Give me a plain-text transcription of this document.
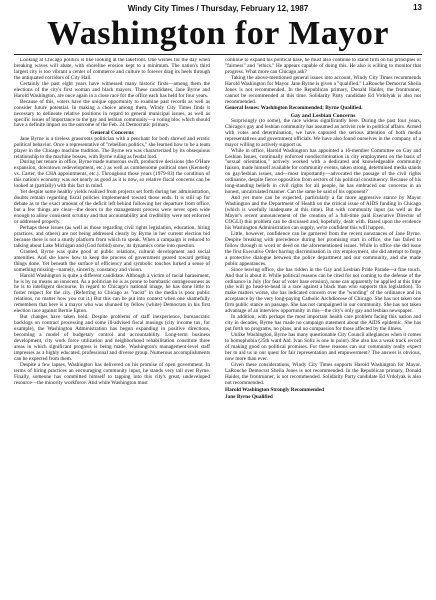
Windy City Times / Thursday, February 12, 1987	13
Washington for Mayor

Looking at Chicago politics is like looking at the lakefront. One wishes for the day when breaking waves will abate, with shoreline erosion kept to a minimum. The nation's third largest city is too vibrant a center of commerce and culture to forever drag its heels through the antiquated corridors of City Hall.

Certainly the past eight years have witnessed many historic firsts—among them the elections of the city's first woman and black mayors. These candidates, Jane Byrne and Harold Washington, are once again in a close race for the office each has held for four years.

Because of this, voters have the unique opportunity to examine past records as well as consider future potential. In making a choice among them, Windy City Times finds it necessary to delineate relative positions in regard to general municipal issues, as well as specific issues of importance to the gay and lesbian community—a voting bloc which should have a definite impact on the outcome of the Feb. 24 Democratic primary.

General Concerns

Jane Byrne is a tireless grassroots politician with a penchant for both shrewd and erratic political behavior. Once a representative of "rebellion politics," she learned how to be a team player in the Chicago machine tradition. The Byrne era was characterized by its obsequious relationship to the machine bosses, with Byrne ruling as feudal lord.

During her tenure in office, Byrne made numerous swift, productive decisions (the O'Hare expansion, downtown redevelopment, etc.) as well as cumbersome political ones (Kennedy vs. Carter, the CHA appointments, etc.). Throughout those years (1979-83) the condition of this nation's economy was not nearly as good as it is now, so relative fiscal concerns can be looked at (partially) with this fact in mind.

Yet despite some healthy yields realized from projects set forth during her administration, doubts remain regarding fiscal policies implemented toward those ends. It is still up for debate as to the exact amount of the deficit left behind following her departure from office, but a few things are clear—the doors to the management process were never open wide enough to allow consistent scrutiny and that accountability and credibility were not enforced or addressed properly.

Perhaps these issues (as well as those regarding civil rights legislation, education, hiring practices, and others) are not being addressed clearly by Byrne in her current election bid because there is not a sturdy platform from which to speak. When a campaign is reduced to talking about Lake Michigan and (God forbid) snow, its dynamics come into question.

Granted, Byrne was quite good at public relations, cultural development and social amenities. And she knew how to keep the process of government geared toward getting things done. Yet beneath the surface of efficiency and symbolic touches lurked a sense of something missing—namely, sincerity, constancy and vision.

Harold Washington is quite a different candidate. Although a victim of racial harassment, he is by no means an innocent. As a politician he is as prone to bombastic outrageousness as he is to intelligent discourse. In regard to Chicago's national image, he has done little to foster respect for the city. (Referring to Chicago as "racist" in the media is poor public relations, no matter how you cut it.) But this can be put into context when one shamefully remembers that here is a mayor who was shunned by fellow (white) Democrats in his first election race against Bernie Epton.

But changes have taken hold. Despite problems of staff inexperience, bureaucratic backlogs on contract processing and some ill-advised fiscal musings (city income tax, for example), the Washington Administration has begun expanding in positive directions, becoming a model of budgetary control and accountability. Long-term business development, city work force utilization and neighborhood rehabilitation constitute three areas in which significant progress is being made. Washington's management-level staff impresses as a highly educated, professional and diverse group. Numerous accomplishments can be expected from them.

Despite a few lapses, Washington has delivered on his promise of open government. In terms of hiring practices an encouraging community input, he stands very tall over Byrne. Finally, someone has committed himself to tapping into this city's great, undeveloped resource—the minority workforce. And while Washington must

continue to expand his political base, he must also continue to stand firm on his principles of "fairness" and "ethics." He appears capable of doing this. He also is willing to monitor that progress. What more can Chicago ask?

Taking the above-mentioned general issues into account, Windy City Times recommends Harold Washington for Mayor. Jane Byrne is given a "qualified." LaRouche Democrat Sheila Jones is not recommended. In the Republican primary, Donald Haider, the frontrunner, cannot be recommended at this time. Solidarity Party candidate Ed Vrdolyak is also not recommended.

General Issues: Washington Recommended; Byrne Qualified.

Gay and Lesbian Concerns

Surprisingly (to some), the race widens significantly here. During the past four years, Chicago's gay and lesbian community has assumed an activist role in political affairs. Armed with votes and determination, we have captured the serious attention of both media representatives and government officials. We have also found ourselves in the company of a mayor willing to actively support us.

While in office, Harold Washington has appointed a 16-member Committee on Gay and Lesbian Issues, continually enforced nondiscrimination in city employment on the basis of "sexual orientation," actively worked with a dedicated and knowledgeable community liaison, made himself available for community events, taken strong, determined media stands on gay/lesbian issues, and—most importantly—advocated the passage of the civil rights ordinance, despite fierce opposition from sectors of his political constituency. Because of his long-standing beliefs in civil rights for all people, he has embraced our concerns in an honest, uncalculated manner. Can the same be said of his opponent?

And yet more can be expected, particularly a far more aggressive stance by Mayor Washington and the Department of Health on the critical issue of AIDS funding in Chicago (which is woefully inadequate at this time). But with community input (as well as the Mayor's recent announcement of the creation of a full-time paid Executive Director of COGLI) this problem can be discussed and, hopefully, dealt with. Based upon the evidence his Washington Administration can supply, we're confident this will happen.

Little, however, confidence can be garnered from the recent nonstances of Jane Byrne. Despite breaking with precedence during her promising start in office, she has failed to follow through in word or deed on the aforementioned issues. While in office she did issue the first Executive Order barring discrimination in city employment, she did attempt to forge a protective dialogue between the police department and our community, and she made public appearances.

Since leaving office, she has ridden in the Gay and Lesbian Pride Parade—a fine touch. And that is about it. While political reasons can be cited for not coming to the defense of the ordinance in July (for fear of voter base erosion), none can apparently be applied at this time (she will go head-to-head in a race against a black man who supports this legislation). To make matters worse, she has indicated concern over the "wording" of the ordinance and its acceptance by the very long-paying Catholic Archdiocese of Chicago. She has not taken one firm public stance on passage. She has not campaigned in our community. She has not taken advantage of an interview opportunity in this—the city's only gay and lesbian newspaper.

In addition, with perhaps the most important health care problem facing this nation and city in decades, Byrne has made no campaign statement about the AIDS epidemic. She has put forth no programs, no plans, and no compassion for those affected by the illness.

Unlike Washington, Byrne has many questionable City Council allegiances when it comes to homophobia (25th ward Ald. Ivan Soliz is one in point). She also has a weak track record of making good on political promises. For these reasons can our community really expect her to aid us in our quest for fair representation and empowerment? The answer is obvious, now more than ever.

Given these considerations, Windy City Times supports Harold Washington for Mayor. LaRouche Democrat Sheila Jones is not recommended. In the Republican primary, Donald Haider, the frontrunner, is not recommended. Solidarity Party candidate Ed Vrdolyak is also not recommended.

Harold Washington Strongly Recommended

Jane Byrne Qualified
